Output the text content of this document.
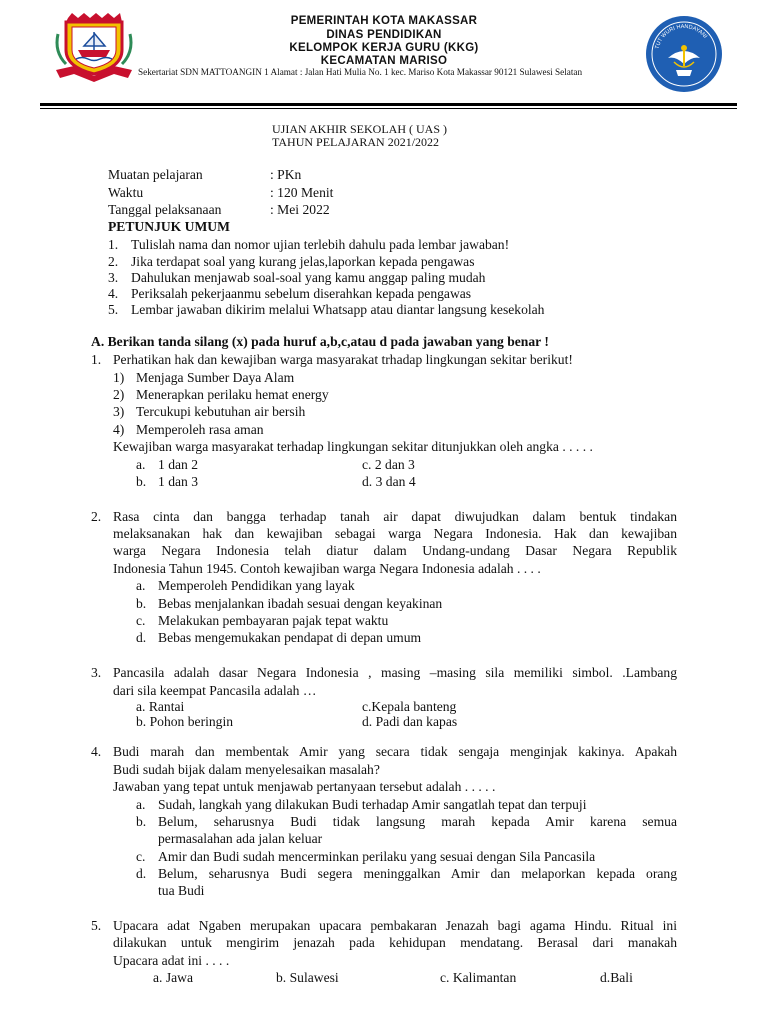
TUT WURI HANDAYANI
PEMERINTAH KOTA MAKASSAR
DINAS PENDIDIKAN
KELOMPOK KERJA GURU (KKG)
KECAMATAN MARISO
Sekertariat SDN MATTOANGIN 1 Alamat : Jalan Hati Mulia No. 1 kec. Mariso Kota Makassar 90121 Sulawesi Selatan
UJIAN AKHIR SEKOLAH ( UAS )
TAHUN PELAJARAN 2021/2022
Muatan pelajaran	: PKn
Waktu	: 120 Menit
Tanggal pelaksanaan	: Mei 2022
PETUNJUK UMUM
1. Tulislah nama dan nomor ujian terlebih dahulu pada lembar jawaban!
2. Jika terdapat soal yang kurang jelas,laporkan kepada pengawas
3. Dahulukan menjawab soal-soal yang kamu anggap paling mudah
4. Periksalah pekerjaanmu sebelum diserahkan kepada pengawas
5. Lembar jawaban dikirim melalui Whatsapp atau diantar langsung kesekolah
A. Berikan tanda silang (x) pada huruf a,b,c,atau d pada jawaban yang benar !
1. Perhatikan hak dan kewajiban warga masyarakat trhadap lingkungan sekitar berikut!
1) Menjaga Sumber Daya Alam
2) Menerapkan perilaku hemat energy
3) Tercukupi kebutuhan air bersih
4) Memperoleh rasa aman
Kewajiban warga masyarakat terhadap lingkungan sekitar ditunjukkan oleh angka . . . . .
a. 1 dan 2	c. 2 dan 3
b. 1 dan 3	d. 3 dan 4
2. Rasa cinta dan bangga terhadap tanah air dapat diwujudkan dalam bentuk tindakan
melaksanakan hak dan kewajiban sebagai warga Negara Indonesia. Hak dan kewajiban
warga Negara Indonesia telah diatur dalam Undang-undang Dasar Negara Republik
Indonesia Tahun 1945. Contoh kewajiban warga Negara Indonesia adalah . . . .
a. Memperoleh Pendidikan yang layak
b. Bebas menjalankan ibadah sesuai dengan keyakinan
c. Melakukan pembayaran pajak tepat waktu
d. Bebas mengemukakan pendapat di depan umum
3. Pancasila adalah dasar Negara Indonesia , masing –masing sila memiliki simbol. .Lambang
dari sila keempat Pancasila adalah …
a. Rantai	c.Kepala banteng
b. Pohon beringin	d. Padi dan kapas
4. Budi marah dan membentak Amir yang secara tidak sengaja menginjak kakinya. Apakah
Budi sudah bijak dalam menyelesaikan masalah?
Jawaban yang tepat untuk menjawab pertanyaan tersebut adalah . . . . .
a. Sudah, langkah yang dilakukan Budi terhadap Amir sangatlah tepat dan terpuji
b. Belum, seharusnya Budi tidak langsung marah kepada Amir karena semua
permasalahan ada jalan keluar
c. Amir dan Budi sudah mencerminkan perilaku yang sesuai dengan Sila Pancasila
d. Belum, seharusnya Budi segera meninggalkan Amir dan melaporkan kepada orang
tua Budi
5. Upacara adat Ngaben merupakan upacara pembakaran Jenazah bagi agama Hindu. Ritual ini
dilakukan untuk mengirim jenazah pada kehidupan mendatang. Berasal dari manakah
Upacara adat ini . . . .
a. Jawa	b. Sulawesi	c. Kalimantan	d.Bali
